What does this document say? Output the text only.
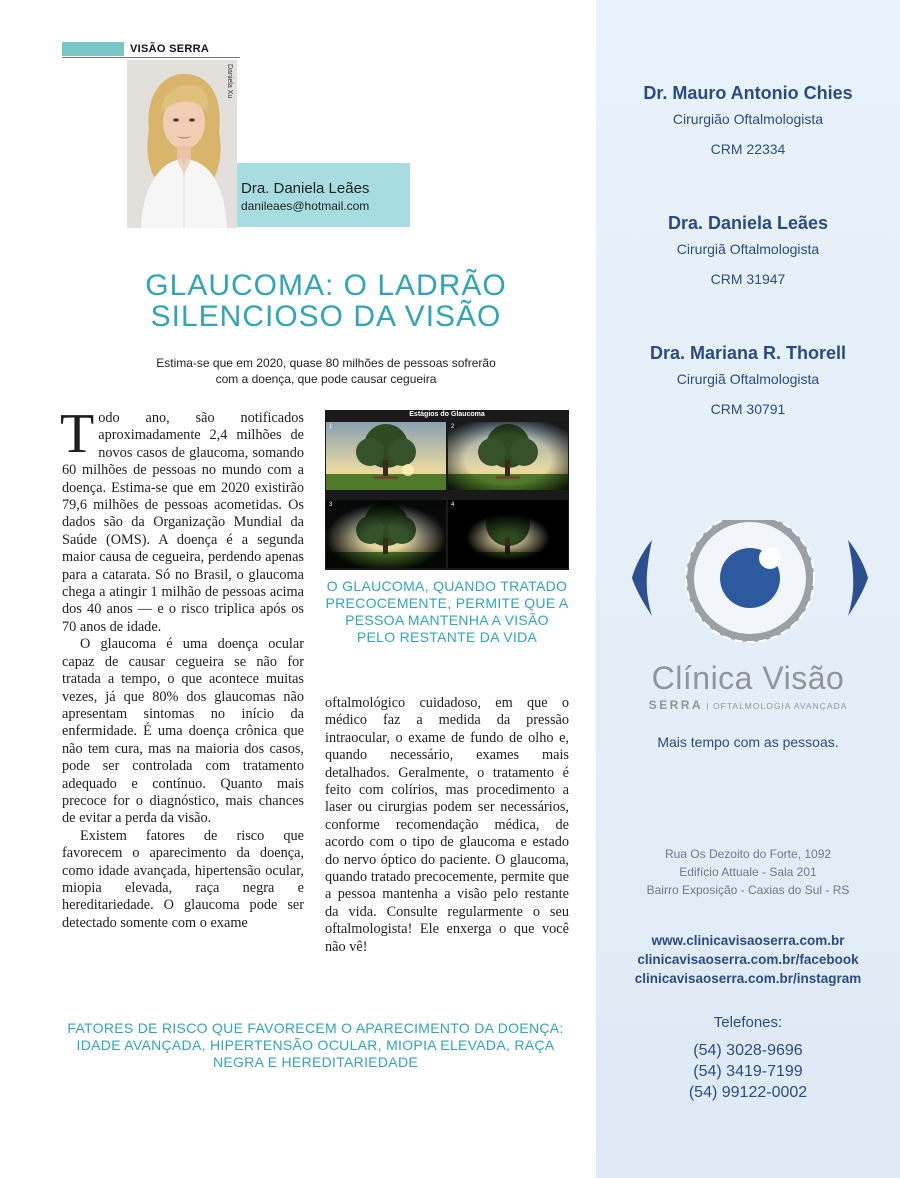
VISÃO SERRA
Daniela Xu
Dra. Daniela Leães
danileaes@hotmail.com
GLAUCOMA: O LADRÃO
SILENCIOSO DA VISÃO
Estima-se que em 2020, quase 80 milhões de pessoas sofrerão
com a doença, que pode causar cegueira

Todo ano, são notificados aproximadamente 2,4 milhões de novos casos de glaucoma, somando 60 milhões de pessoas no mundo com a doença. Estima-se que em 2020 existirão 79,6 milhões de pessoas acometidas. Os dados são da Organização Mundial da Saúde (OMS). A doença é a segunda maior causa de cegueira, perdendo apenas para a catarata. Só no Brasil, o glaucoma chega a atingir 1 milhão de pessoas acima dos 40 anos — e o risco triplica após os 70 anos de idade.

O glaucoma é uma doença ocular capaz de causar cegueira se não for tratada a tempo, o que acontece muitas vezes, já que 80% dos glaucomas não apresentam sintomas no início da enfermidade. É uma doença crônica que não tem cura, mas na maioria dos casos, pode ser controlada com tratamento adequado e contínuo. Quanto mais precoce for o diagnóstico, mais chances de evitar a perda da visão.

Existem fatores de risco que favorecem o aparecimento da doença, como idade avançada, hipertensão ocular, miopia elevada, raça negra e hereditariedade. O glaucoma pode ser detectado somente com o exame

Estágios do Glaucoma
1	2
3	4
O GLAUCOMA, QUANDO TRATADO PRECOCEMENTE, PERMITE QUE A PESSOA MANTENHA A VISÃO PELO RESTANTE DA VIDA

oftalmológico cuidadoso, em que o médico faz a medida da pressão intraocular, o exame de fundo de olho e, quando necessário, exames mais detalhados. Geralmente, o tratamento é feito com colírios, mas procedimento a laser ou cirurgias podem ser necessários, conforme recomendação médica, de acordo com o tipo de glaucoma e estado do nervo óptico do paciente. O glaucoma, quando tratado precocemente, permite que a pessoa mantenha a visão pelo restante da vida. Consulte regularmente o seu oftalmologista! Ele enxerga o que você não vê!

FATORES DE RISCO QUE FAVORECEM O APARECIMENTO DA DOENÇA: IDADE AVANÇADA, HIPERTENSÃO OCULAR, MIOPIA ELEVADA, RAÇA NEGRA E HEREDITARIEDADE
Dr. Mauro Antonio Chies
Cirurgião Oftalmologista
CRM 22334
Dra. Daniela Leães
Cirurgiã Oftalmologista
CRM 31947
Dra. Mariana R. Thorell
Cirurgiã Oftalmologista
CRM 30791
Clínica Visão
SERRA | OFTALMOLOGIA AVANÇADA
Mais tempo com as pessoas.
Rua Os Dezoito do Forte, 1092
Edifício Attuale - Sala 201
Bairro Exposição - Caxias do Sul - RS
www.clinicavisaoserra.com.br
clinicavisaoserra.com.br/facebook
clinicavisaoserra.com.br/instagram
Telefones:
(54) 3028-9696
(54) 3419-7199
(54) 99122-0002
